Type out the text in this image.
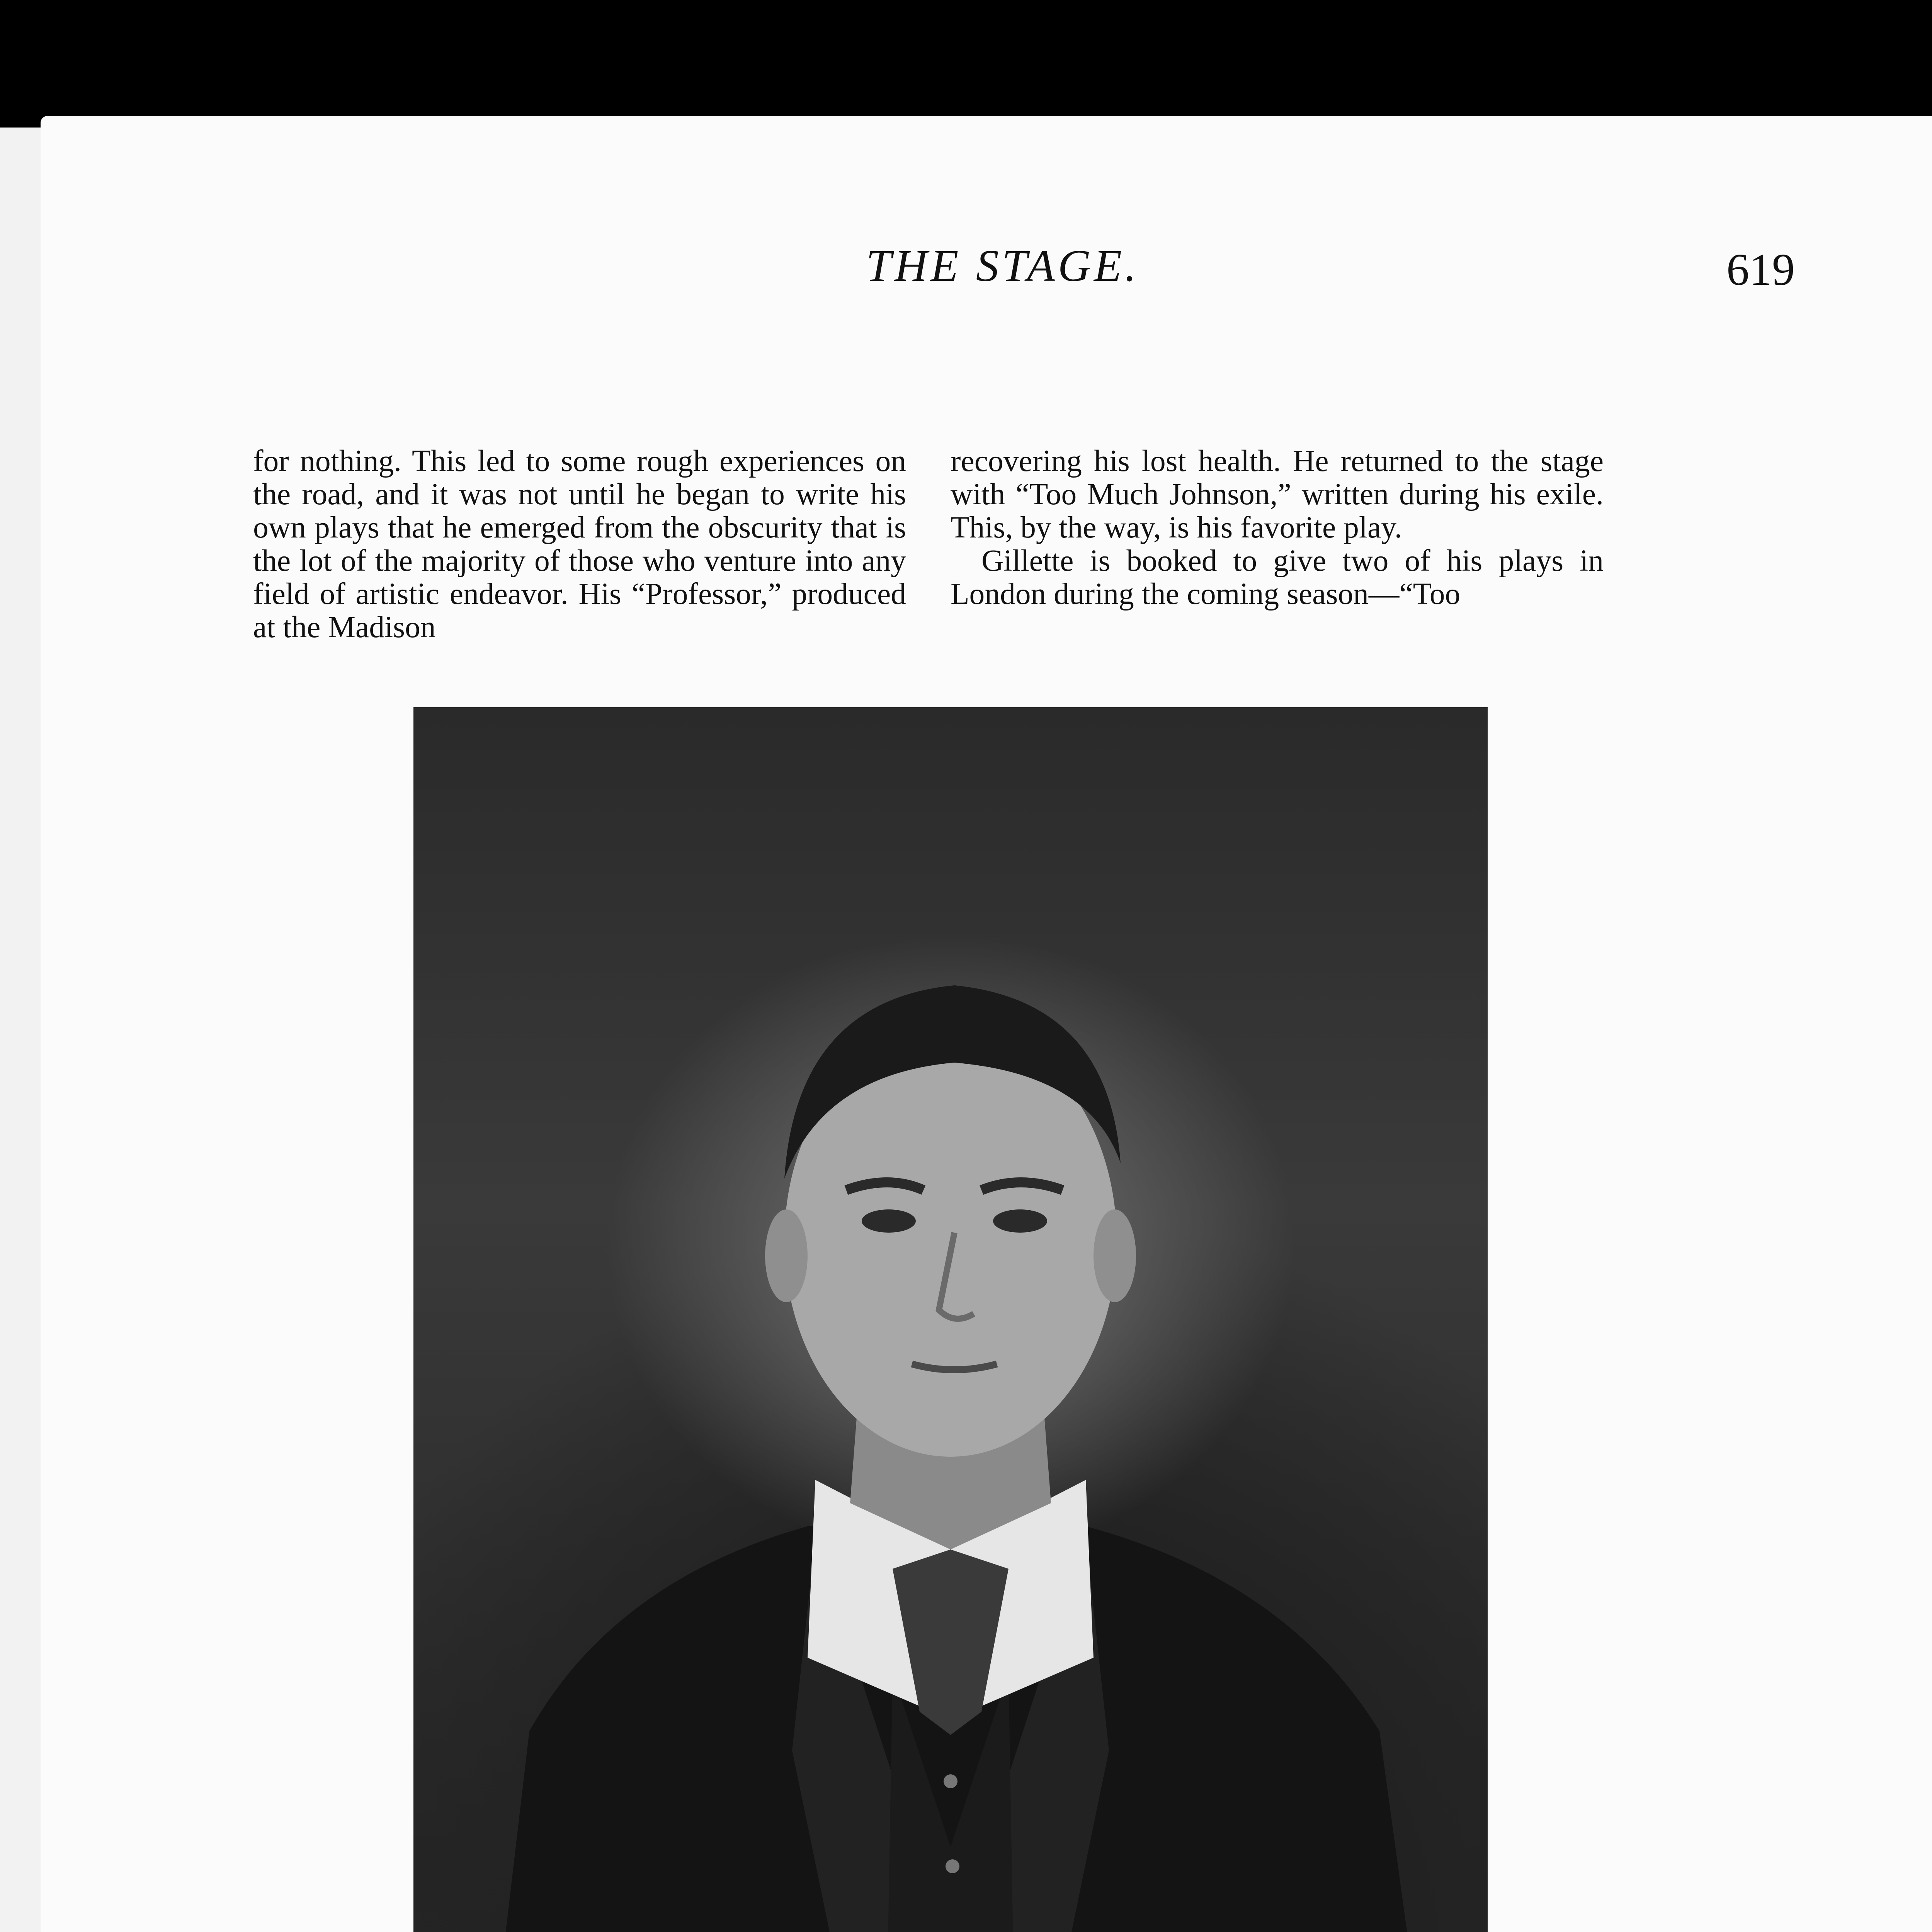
THE STAGE.	619

for nothing. This led to some rough experiences on the road, and it was not until he began to write his own plays that he emerged from the obscurity that is the lot of the majority of those who venture into any field of artistic endeavor. His “Professor,” produced at the Madison

recovering his lost health. He returned to the stage with “Too Much Johnson,” written during his exile. This, by the way, is his favorite play.

Gillette is booked to give two of his plays in London during the coming season—“Too
